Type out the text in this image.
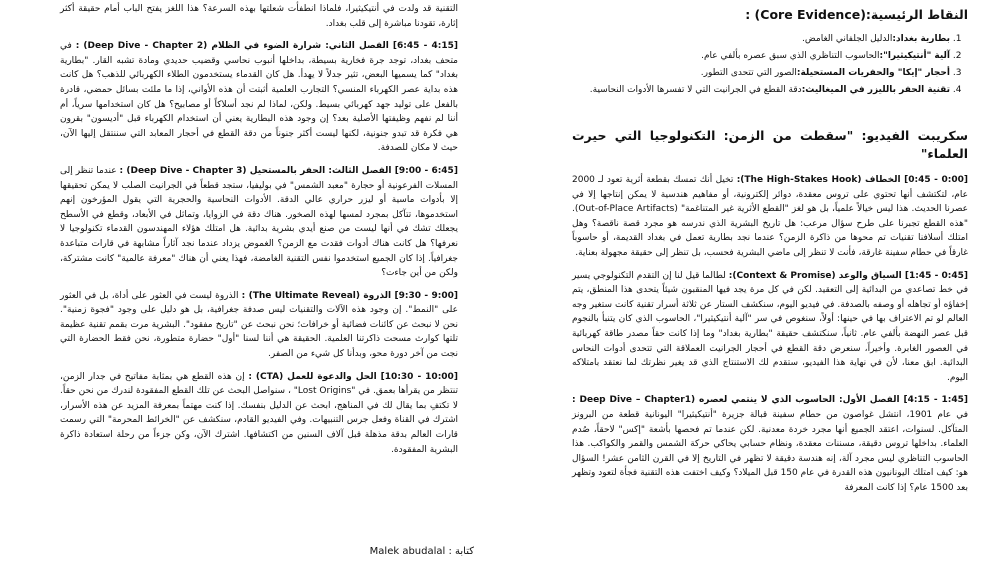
النقاط الرئيسية:(Core Evidence) :
1. بطارية بغداد:الدليل الجلفاني الغامض.
2. آلية "أنتيكيثيرا":الحاسوب التناظري الذي سبق عصره بألفي عام.
3. أحجار "إيكا" والحفريات المستحيلة:الصور التي تتحدى التطور.
4. تقنية الحفر بالليزر في الميغاليث:دقة القطع في الجرانيت التي لا تفسرها الأدوات النحاسية.
سكريبت الفيديو: "سقطت من الزمن: التكنولوجيا التي حيرت العلماء"

[0:00 - 0:45] الخطاف (The High-Stakes Hook): تخيل أنك تمسك بقطعة أثرية تعود لـ 2000 عام، لتكتشف أنها تحتوي على تروس معقدة، دوائر إلكترونية، أو مفاهيم هندسية لا يمكن إنتاجها إلا في عصرنا الحديث. هذا ليس خيالاً علمياً، بل هو لغز "القطع الأثرية غير المتناغمة" (Out-of-Place Artifacts). "هذه القطع تجبرنا على طرح سؤال مرعب: هل تاريخ البشرية الذي ندرسه هو مجرد قصة ناقصة؟ وهل امتلك أسلافنا تقنيات تم محوها من ذاكرة الزمن؟ عندما نجد بطارية تعمل في بغداد القديمة، أو حاسوباً غارقاً في حطام سفينة غارقة، فأنت لا تنظر إلى ماضي البشرية فحسب، بل تنظر إلى حقيقة مجهولة بعناية.

[0:45 - 1:45] السياق والوعد (Context & Promise): لطالما قيل لنا إن التقدم التكنولوجي يسير في خط تصاعدي من البدائية إلى التعقيد. لكن في كل مرة يجد فيها المنقبون شيئاً يتحدى هذا المنطق، يتم إخفاؤه أو تجاهله أو وصفه بالصدفة. في فيديو اليوم، سنكشف الستار عن ثلاثة أسرار تقنية كانت ستغير وجه العالم لو تم الاعتراف بها في حينها: أولاً، سنغوص في سر "آلية أنتيكيثيرا"، الحاسوب الذي كان يتنبأ بالنجوم قبل عصر النهضة بألفي عام. ثانياً، سنكتشف حقيقة "بطارية بغداد" وما إذا كانت حقاً مصدر طاقة كهربائية في العصور الغابرة. وأخيراً، سنعرض دقة القطع في أحجار الجرانيت العملاقة التي تتحدى أدوات النحاس البدائية. ابق معنا، لأن في نهاية هذا الفيديو، ستقدم لك الاستنتاج الذي قد يغير نظرتك لما نعتقد بامتلاكه اليوم.

[1:45 - 4:15] الفصل الأول: الحاسوب الذي لا ينتمي لعصره (Deep Dive – Chapter1 : في عام 1901، انتشل غواصون من حطام سفينة قبالة جزيرة "أنتيكيثيرا" اليونانية قطعة من البرونز المتآكل. لسنوات، اعتقد الجميع أنها مجرد خردة معدنية. لكن عندما تم فحصها بأشعة "إكس" لاحقاً، صُدم العلماء. بداخلها تروس دقيقة، مسننات معقدة، ونظام حسابي يحاكي حركة الشمس والقمر والكواكب. هذا الحاسوب التناظري ليس مجرد آلة، إنه هندسة دقيقة لا تظهر في التاريخ إلا في القرن الثامن عشر! السؤال هو: كيف امتلك اليونانيون هذه القدرة في عام 150 قبل الميلاد؟ وكيف اختفت هذه التقنية فجأة لتعود وتظهر بعد 1500 عام؟ إذا كانت المعرفة

التقنية قد ولدت في أنتيكيثيرا، فلماذا انطفأت شعلتها بهذه السرعة؟ هذا اللغز يفتح الباب أمام حقيقة أكثر إثارة، تقودنا مباشرة إلى قلب بغداد.

[4:15 - 6:45] الفصل الثاني: شرارة الضوء في الظلام (Deep Dive - Chapter 2) : في متحف بغداد، توجد جرة فخارية بسيطة، بداخلها أنبوب نحاسي وقضيب حديدي ومادة تشبه القار. "بطارية بغداد" كما يسميها البعض، تثير جدلاً لا يهدأ. هل كان القدماء يستخدمون الطلاء الكهربائي للذهب؟ هل كانت هذه بداية عصر الكهرباء المنسي؟ التجارب العلمية أثبتت أن هذه الأواني، إذا ما ملئت بسائل حمضي، قادرة بالفعل على توليد جهد كهربائي بسيط. ولكن، لماذا لم نجد أسلاكاً أو مصابيح؟ هل كان استخدامها سرياً، أم أننا لم نفهم وظيفتها الأصلية بعد؟ إن وجود هذه البطارية يعني أن استخدام الكهرباء قبل "أديسون" بقرون هي فكرة قد تبدو جنونية، لكنها ليست أكثر جنوناً من دقة القطع في أحجار المعابد التي سننتقل إليها الآن، حيث لا مكان للصدفة.

[6:45 - 9:00] الفصل الثالث: الحفر بالمستحيل (Deep Dive - Chapter 3) : عندما تنظر إلى المسلات الفرعونية أو حجارة "معبد الشمس" في بوليفيا، ستجد قطعاً في الجرانيت الصلب لا يمكن تحقيقها إلا بأدوات ماسية أو ليزر حراري عالي الدقة. الأدوات النحاسية والحجرية التي يقول المؤرخون إنهم استخدموها، تتآكل بمجرد لمسها لهذه الصخور. هناك دقة في الزوايا، وتماثل في الأبعاد، وقطع في الأسطح يجعلك تشك في أنها ليست من صنع أيدي بشرية بدائية. هل امتلك هؤلاء المهندسون القدماء تكنولوجيا لا نعرفها؟ هل كانت هناك أدوات فقدت مع الزمن؟ الغموض يزداد عندما نجد آثاراً مشابهة في قارات متباعدة جغرافياً. إذا كان الجميع استخدموا نفس التقنية الغامضة، فهذا يعني أن هناك "معرفة عالمية" كانت مشتركة، ولكن من أين جاءت؟

[9:00 - 9:30] الذروة (The Ultimate Reveal) : الذروة ليست في العثور على أداة، بل في العثور على "النمط". إن وجود هذه الآلات والتقنيات ليس صدفة جغرافية، بل هو دليل على وجود "فجوة زمنية". نحن لا نبحث عن كائنات فضائية أو خرافات؛ نحن نبحث عن "تاريخ مفقود". البشرية مرت بقمم تقنية عظيمة تلتها كوارث مسحت ذاكرتنا العلمية. الحقيقة هي أننا لسنا "أول" حضارة متطورة، نحن فقط الحضارة التي نجت من آخر دورة محو، وبدأنا كل شيء من الصفر.

[10:00 - 10:30] الحل والدعوة للعمل (CTA) : إن هذه القطع هي بمثابة مفاتيح في جدار الزمن، تنتظر من يقرأها بعمق. في "Lost Origins" ، سنواصل البحث عن تلك القطع المفقودة لندرك من نحن حقاً. لا تكتفِ بما يقال لك في المناهج، ابحث عن الدليل بنفسك. إذا كنت مهتماً بمعرفة المزيد عن هذه الأسرار، اشترك في القناة وفعل جرس التنبيهات. وفي الفيديو القادم، سنكشف عن "الخرائط المحرمة" التي رسمت قارات العالم بدقة مذهلة قبل آلاف السنين من اكتشافها. اشترك الآن، وكن جزءاً من رحلة استعادة ذاكرة البشرية المفقودة.

كتابة : Malek abudalal
